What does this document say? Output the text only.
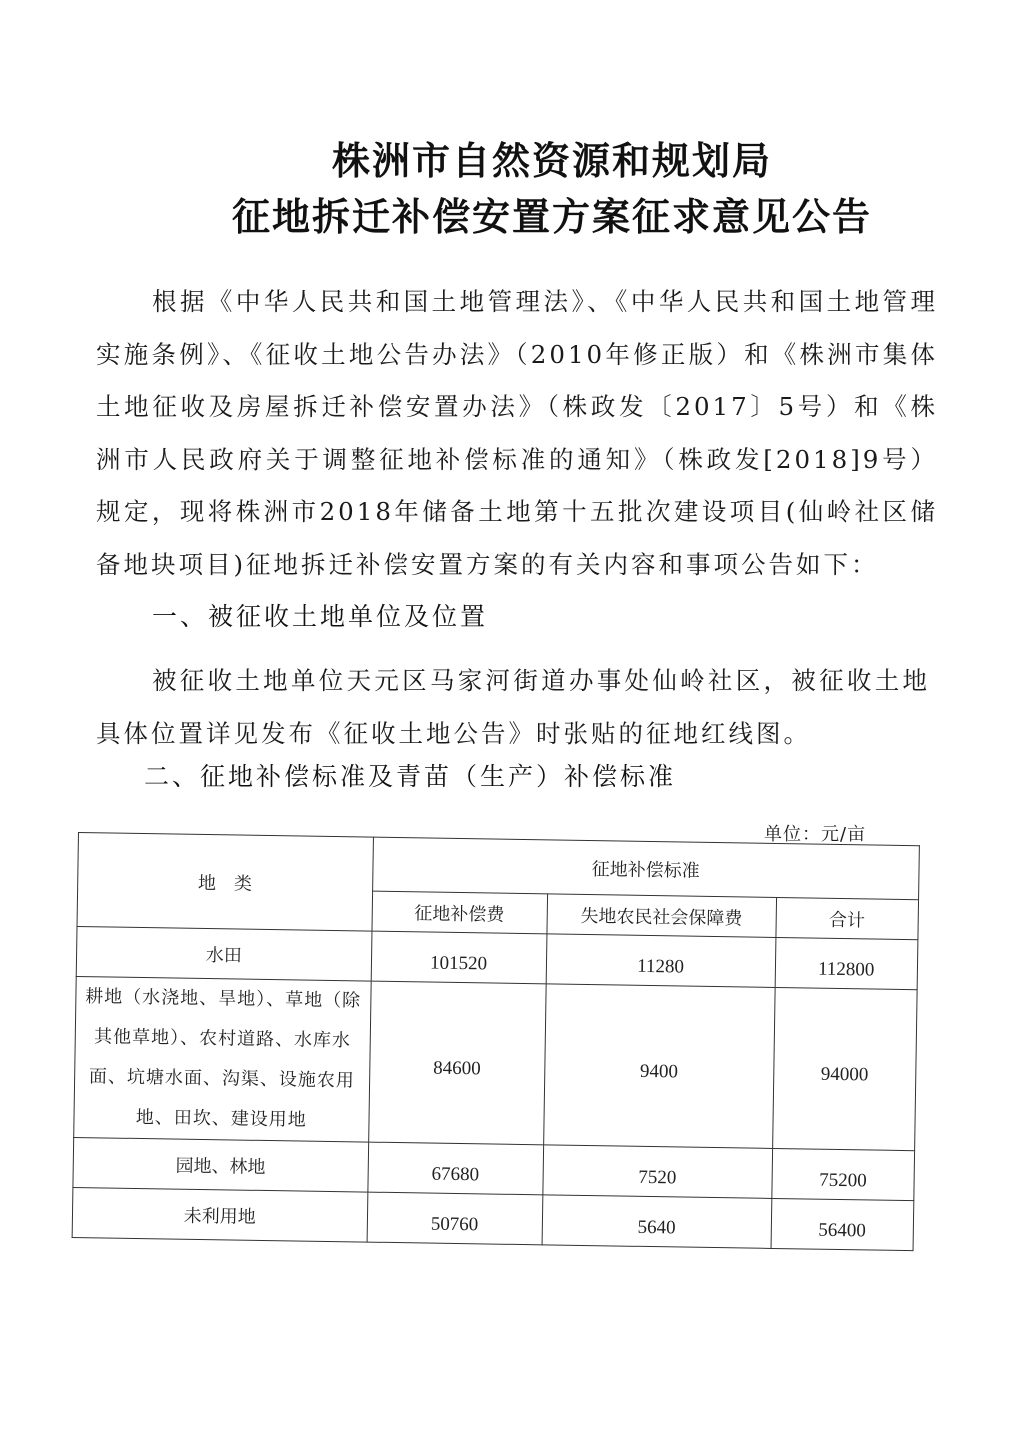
株洲市自然资源和规划局
征地拆迁补偿安置方案征求意见公告

根据《中华人民共和国土地管理法》、《中华人民共和国土地管理实施条例》、《征收土地公告办法》（2010年修正版）和《株洲市集体土地征收及房屋拆迁补偿安置办法》（株政发〔2017〕5号）和《株洲市人民政府关于调整征地补偿标准的通知》（株政发[2018]9号）规定，现将株洲市2018年储备土地第十五批次建设项目(仙岭社区储备地块项目)征地拆迁补偿安置方案的有关内容和事项公告如下：

一、被征收土地单位及位置

被征收土地单位天元区马家河街道办事处仙岭社区，被征收土地具体位置详见发布《征收土地公告》时张贴的征地红线图。

二、征地补偿标准及青苗（生产）补偿标准
单位：元/亩
地　类	征地补偿标准		
	征地补偿费	失地农民社会保障费	合计
水田	101520	11280	112800
耕地（水浇地、旱地）、草地（除其他草地）、农村道路、水库水面、坑塘水面、沟渠、设施农用地、田坎、建设用地	84600	9400	94000
园地、林地	67680	7520	75200
未利用地	50760	5640	56400
